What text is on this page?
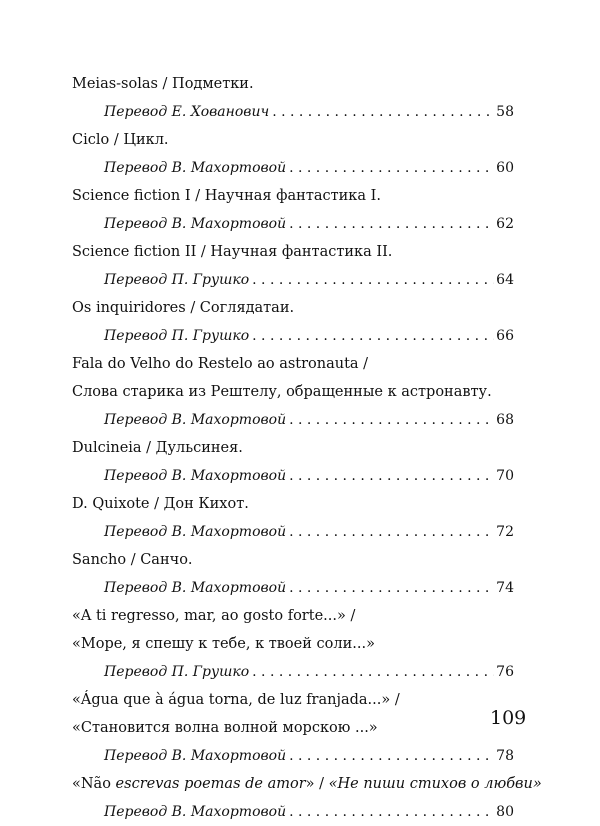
Meias-solas / Подметки.
Перевод Е. Хованович . . .	58
Ciclo / Цикл.
Перевод В. Махортовой . . .	60
Science fiction I / Научная фантастика I.
Перевод В. Махортовой . . .	62
Science fiction II / Научная фантастика II.
Перевод П. Грушко . . .	64
Os inquiridores / Соглядатаи.
Перевод П. Грушко . . .	66
Fala do Velho do Restelo ao astronauta /
Слова старика из Рештелу, обращенные к астронавту.
Перевод В. Махортовой . . .	68
Dulcineia / Дульсинея.
Перевод В. Махортовой . . .	70
D. Quixote / Дон Кихот.
Перевод В. Махортовой . . .	72
Sancho / Санчо.
Перевод В. Махортовой . . .	74
«A ti regresso, mar, ao gosto forte...» /
«Море, я спешу к тебе, к твоей соли...»
Перевод П. Грушко . . .	76
«Água que à água torna, de luz franjada...» /
«Становится волна волной морскою ...»
Перевод В. Махортовой . . .	78
«Não escrevas poemas de amor» / «Не пиши стихов о любви»
Перевод В. Махортовой . . .	80
109
